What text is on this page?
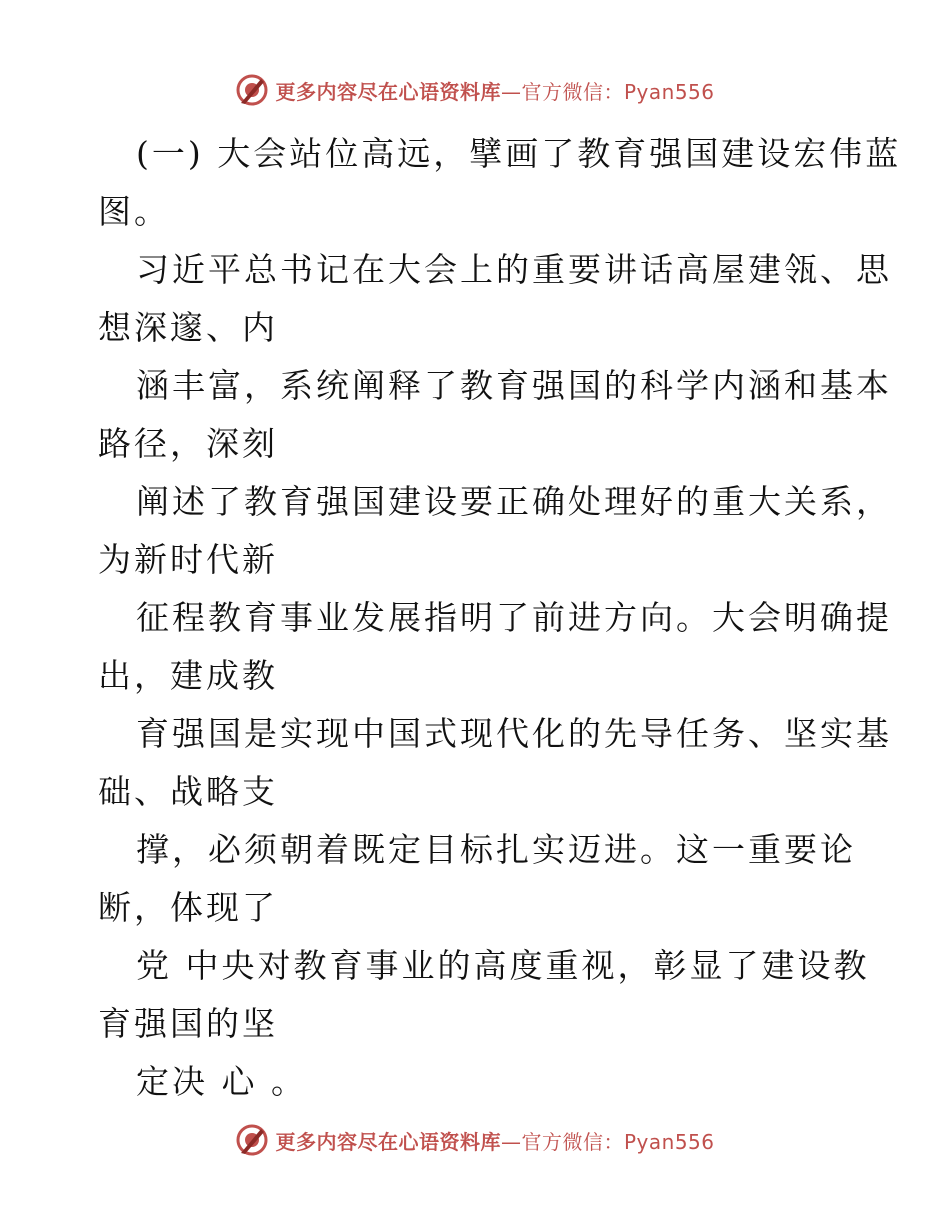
更多内容尽在心语资料库—官方微信：Pyan556
(一) 大会站位高远，擘画了教育强国建设宏伟蓝
图。
习近平总书记在大会上的重要讲话高屋建瓴、思
想深邃、内
涵丰富，系统阐释了教育强国的科学内涵和基本
路径，深刻
阐述了教育强国建设要正确处理好的重大关系，
为新时代新
征程教育事业发展指明了前进方向。大会明确提
出，建成教
育强国是实现中国式现代化的先导任务、坚实基
础、战略支
撑，必须朝着既定目标扎实迈进。这一重要论
断，体现了
党 中央对教育事业的高度重视，彰显了建设教
育强国的坚
定决 心 。
更多内容尽在心语资料库—官方微信：Pyan556
